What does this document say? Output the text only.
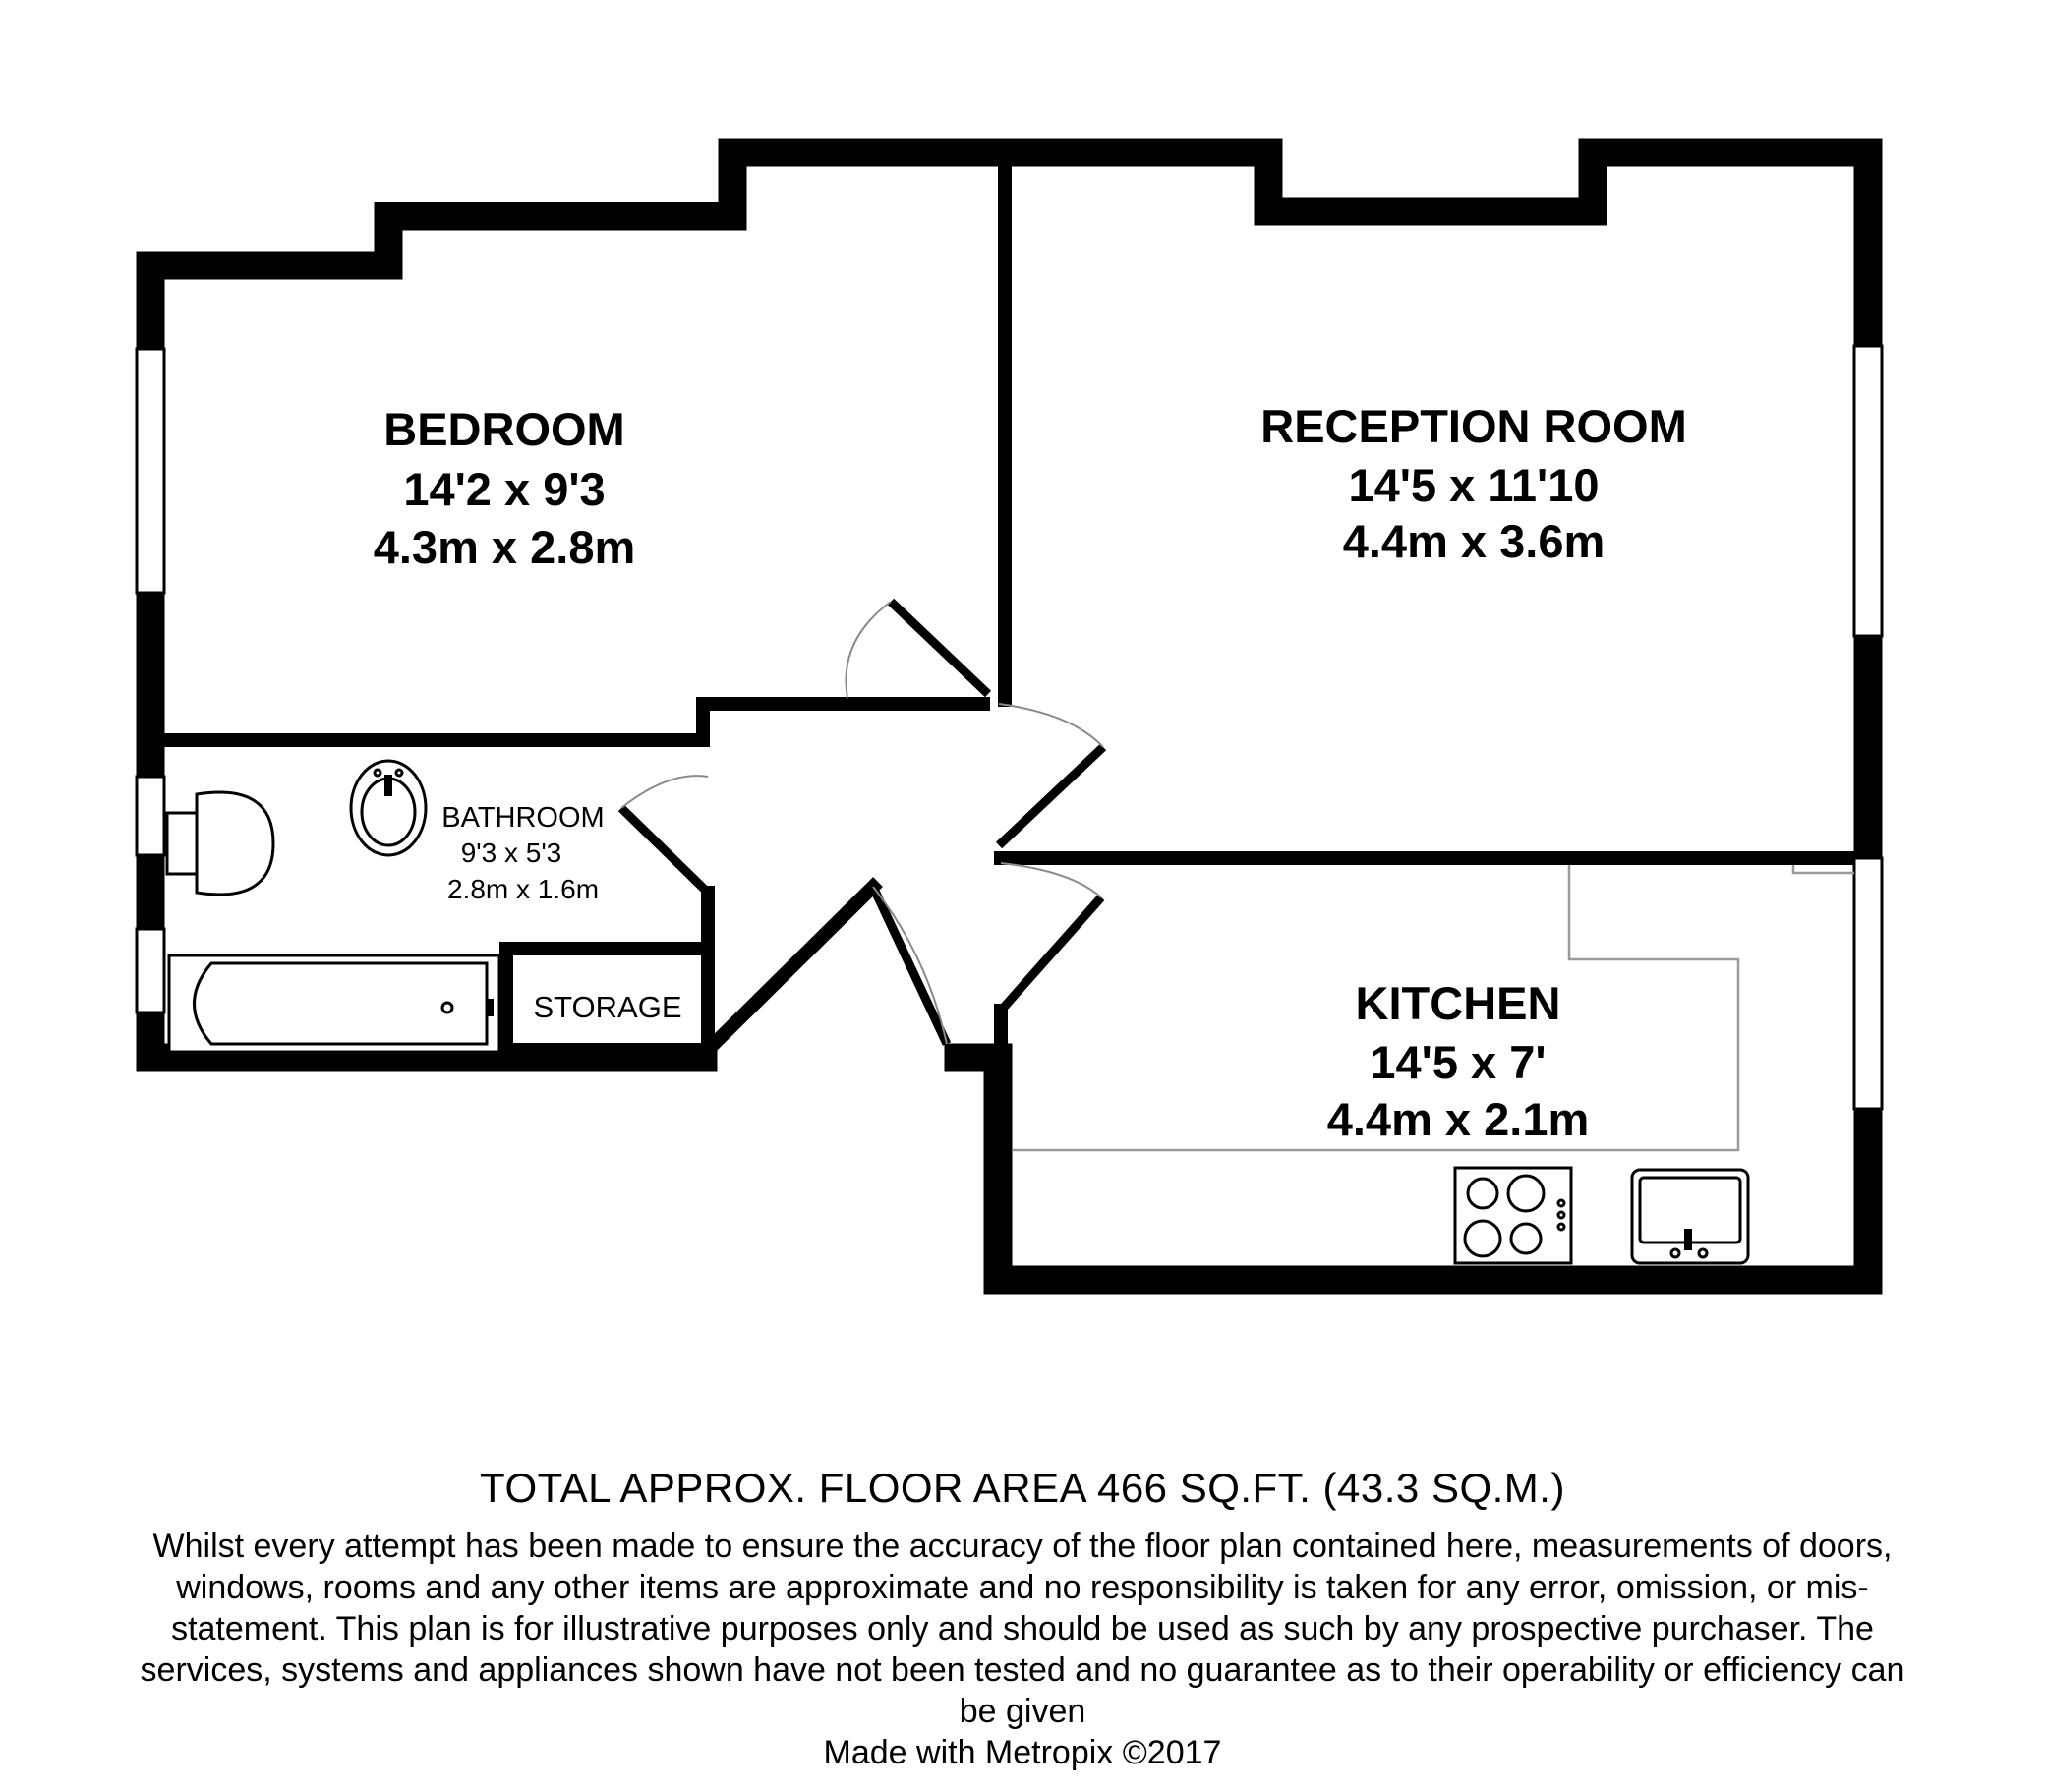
BEDROOM
14'2 x 9'3
4.3m x 2.8m
RECEPTION ROOM
14'5 x 11'10
4.4m x 3.6m
BATHROOM
9'3 x 5'3
2.8m x 1.6m
STORAGE	KITCHEN
14'5 x 7'
4.4m x 2.1m
TOTAL APPROX. FLOOR AREA 466 SQ.FT. (43.3 SQ.M.)
Whilst every attempt has been made to ensure the accuracy of the floor plan contained here, measurements of doors, windows, rooms and any other items are approximate and no responsibility is taken for any error, omission, or mis-statement. This plan is for illustrative purposes only and should be used as such by any prospective purchaser. The services, systems and appliances shown have not been tested and no guarantee as to their operability or efficiency can be given
Made with Metropix ©2017
